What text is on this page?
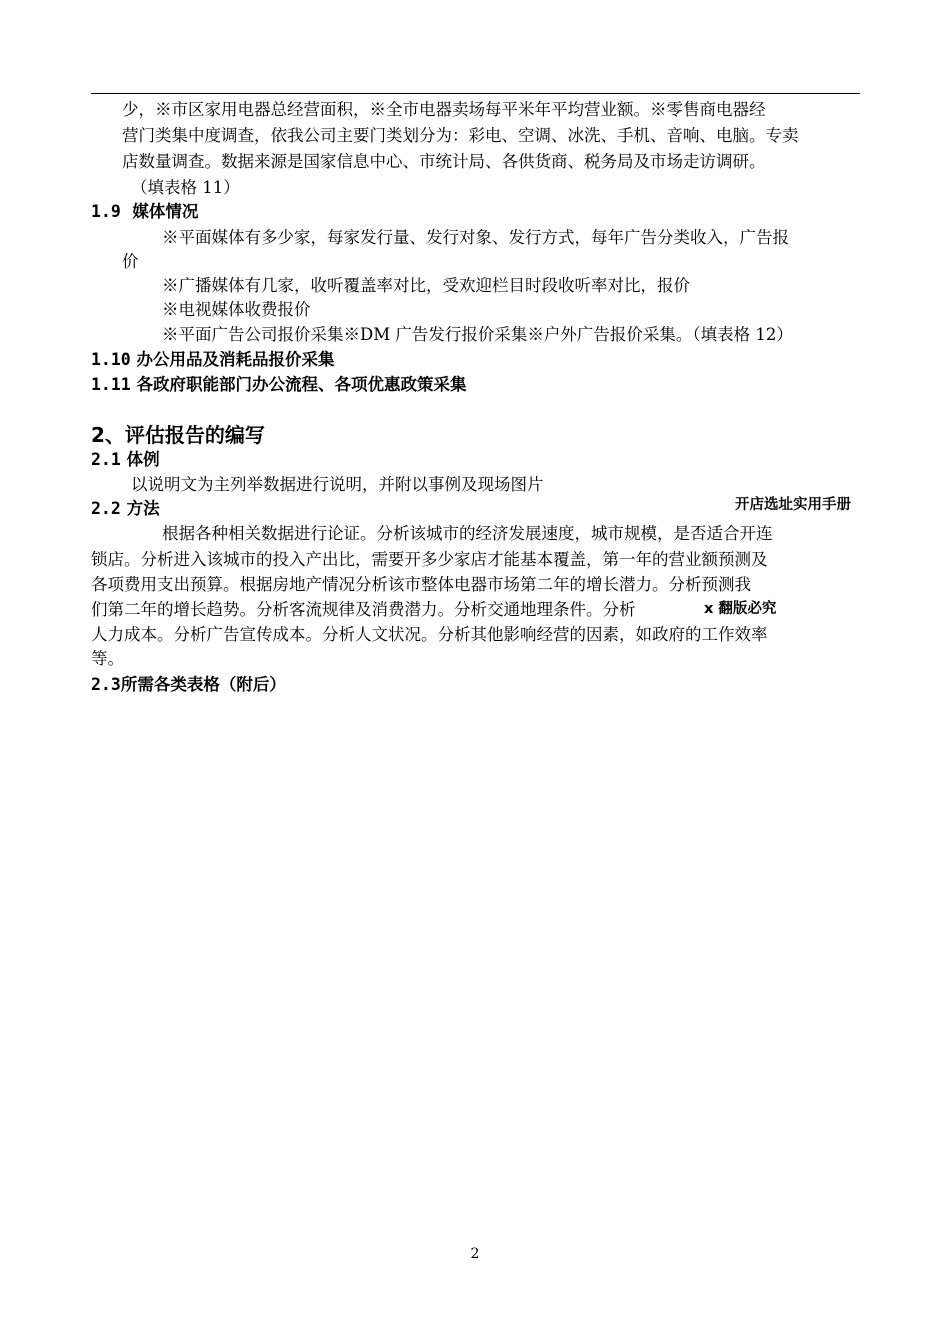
少，※市区家用电器总经营面积，※全市电器卖场每平米年平均营业额。※零售商电器经
营门类集中度调查，依我公司主要门类划分为：彩电、空调、冰洗、手机、音响、电脑。专卖
店数量调查。数据来源是国家信息中心、市统计局、各供货商、税务局及市场走访调研。
（填表格 11）
1.9 媒体情况
※平面媒体有多少家，每家发行量、发行对象、发行方式，每年广告分类收入，广告报
价
※广播媒体有几家，收听覆盖率对比，受欢迎栏目时段收听率对比，报价
※电视媒体收费报价
※平面广告公司报价采集※DM 广告发行报价采集※户外广告报价采集。（填表格 12）
1.10 办公用品及消耗品报价采集
1.11 各政府职能部门办公流程、各项优惠政策采集
2、评估报告的编写
2.1 体例
以说明文为主列举数据进行说明，并附以事例及现场图片
2.2 方法	开店选址实用手册
根据各种相关数据进行论证。分析该城市的经济发展速度，城市规模，是否适合开连
锁店。分析进入该城市的投入产出比，需要开多少家店才能基本覆盖，第一年的营业额预测及
各项费用支出预算。根据房地产情况分析该市整体电器市场第二年的增长潜力。分析预测我
们第二年的增长趋势。分析客流规律及消费潜力。分析交通地理条件。分析	x 翻版必究
人力成本。分析广告宣传成本。分析人文状况。分析其他影响经营的因素，如政府的工作效率
等。
2.3所需各类表格（附后）
2
